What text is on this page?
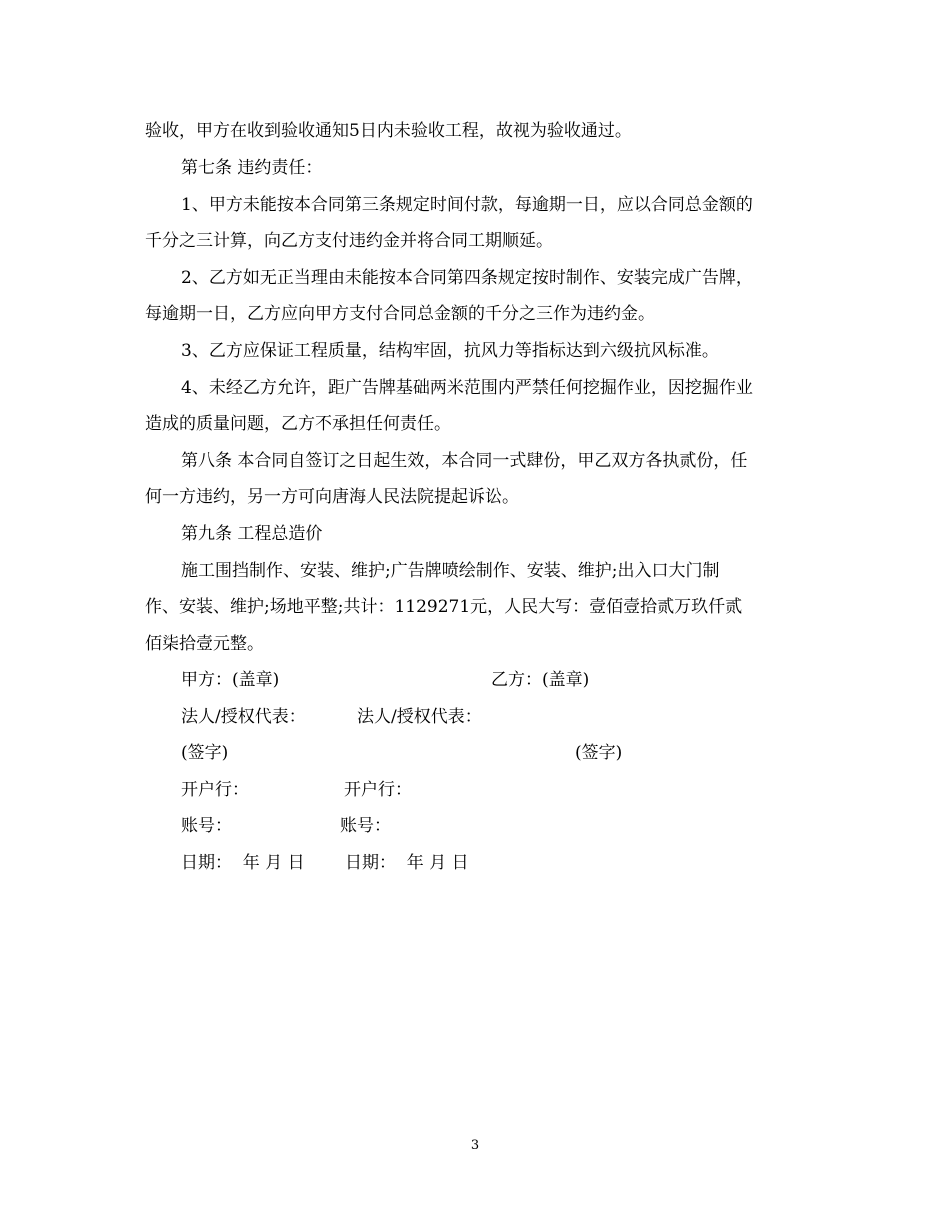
验收，甲方在收到验收通知5日内未验收工程，故视为验收通过。
第七条 违约责任：
1、甲方未能按本合同第三条规定时间付款，每逾期一日，应以合同总金额的
千分之三计算，向乙方支付违约金并将合同工期顺延。
2、乙方如无正当理由未能按本合同第四条规定按时制作、安装完成广告牌，
每逾期一日，乙方应向甲方支付合同总金额的千分之三作为违约金。
3、乙方应保证工程质量，结构牢固，抗风力等指标达到六级抗风标准。
4、未经乙方允许，距广告牌基础两米范围内严禁任何挖掘作业，因挖掘作业
造成的质量问题，乙方不承担任何责任。
第八条 本合同自签订之日起生效，本合同一式肆份，甲乙双方各执贰份，任
何一方违约，另一方可向唐海人民法院提起诉讼。
第九条 工程总造价
施工围挡制作、安装、维护;广告牌喷绘制作、安装、维护;出入口大门制
作、安装、维护;场地平整;共计：1129271元，人民大写：壹佰壹拾贰万玖仟贰
佰柒拾壹元整。
甲方：(盖章)	乙方：(盖章)
法人/授权代表：	法人/授权代表：
(签字)	(签字)
开户行：	开户行：
账号：	账号：
日期：  年 月 日 日期：  年 月 日
3
